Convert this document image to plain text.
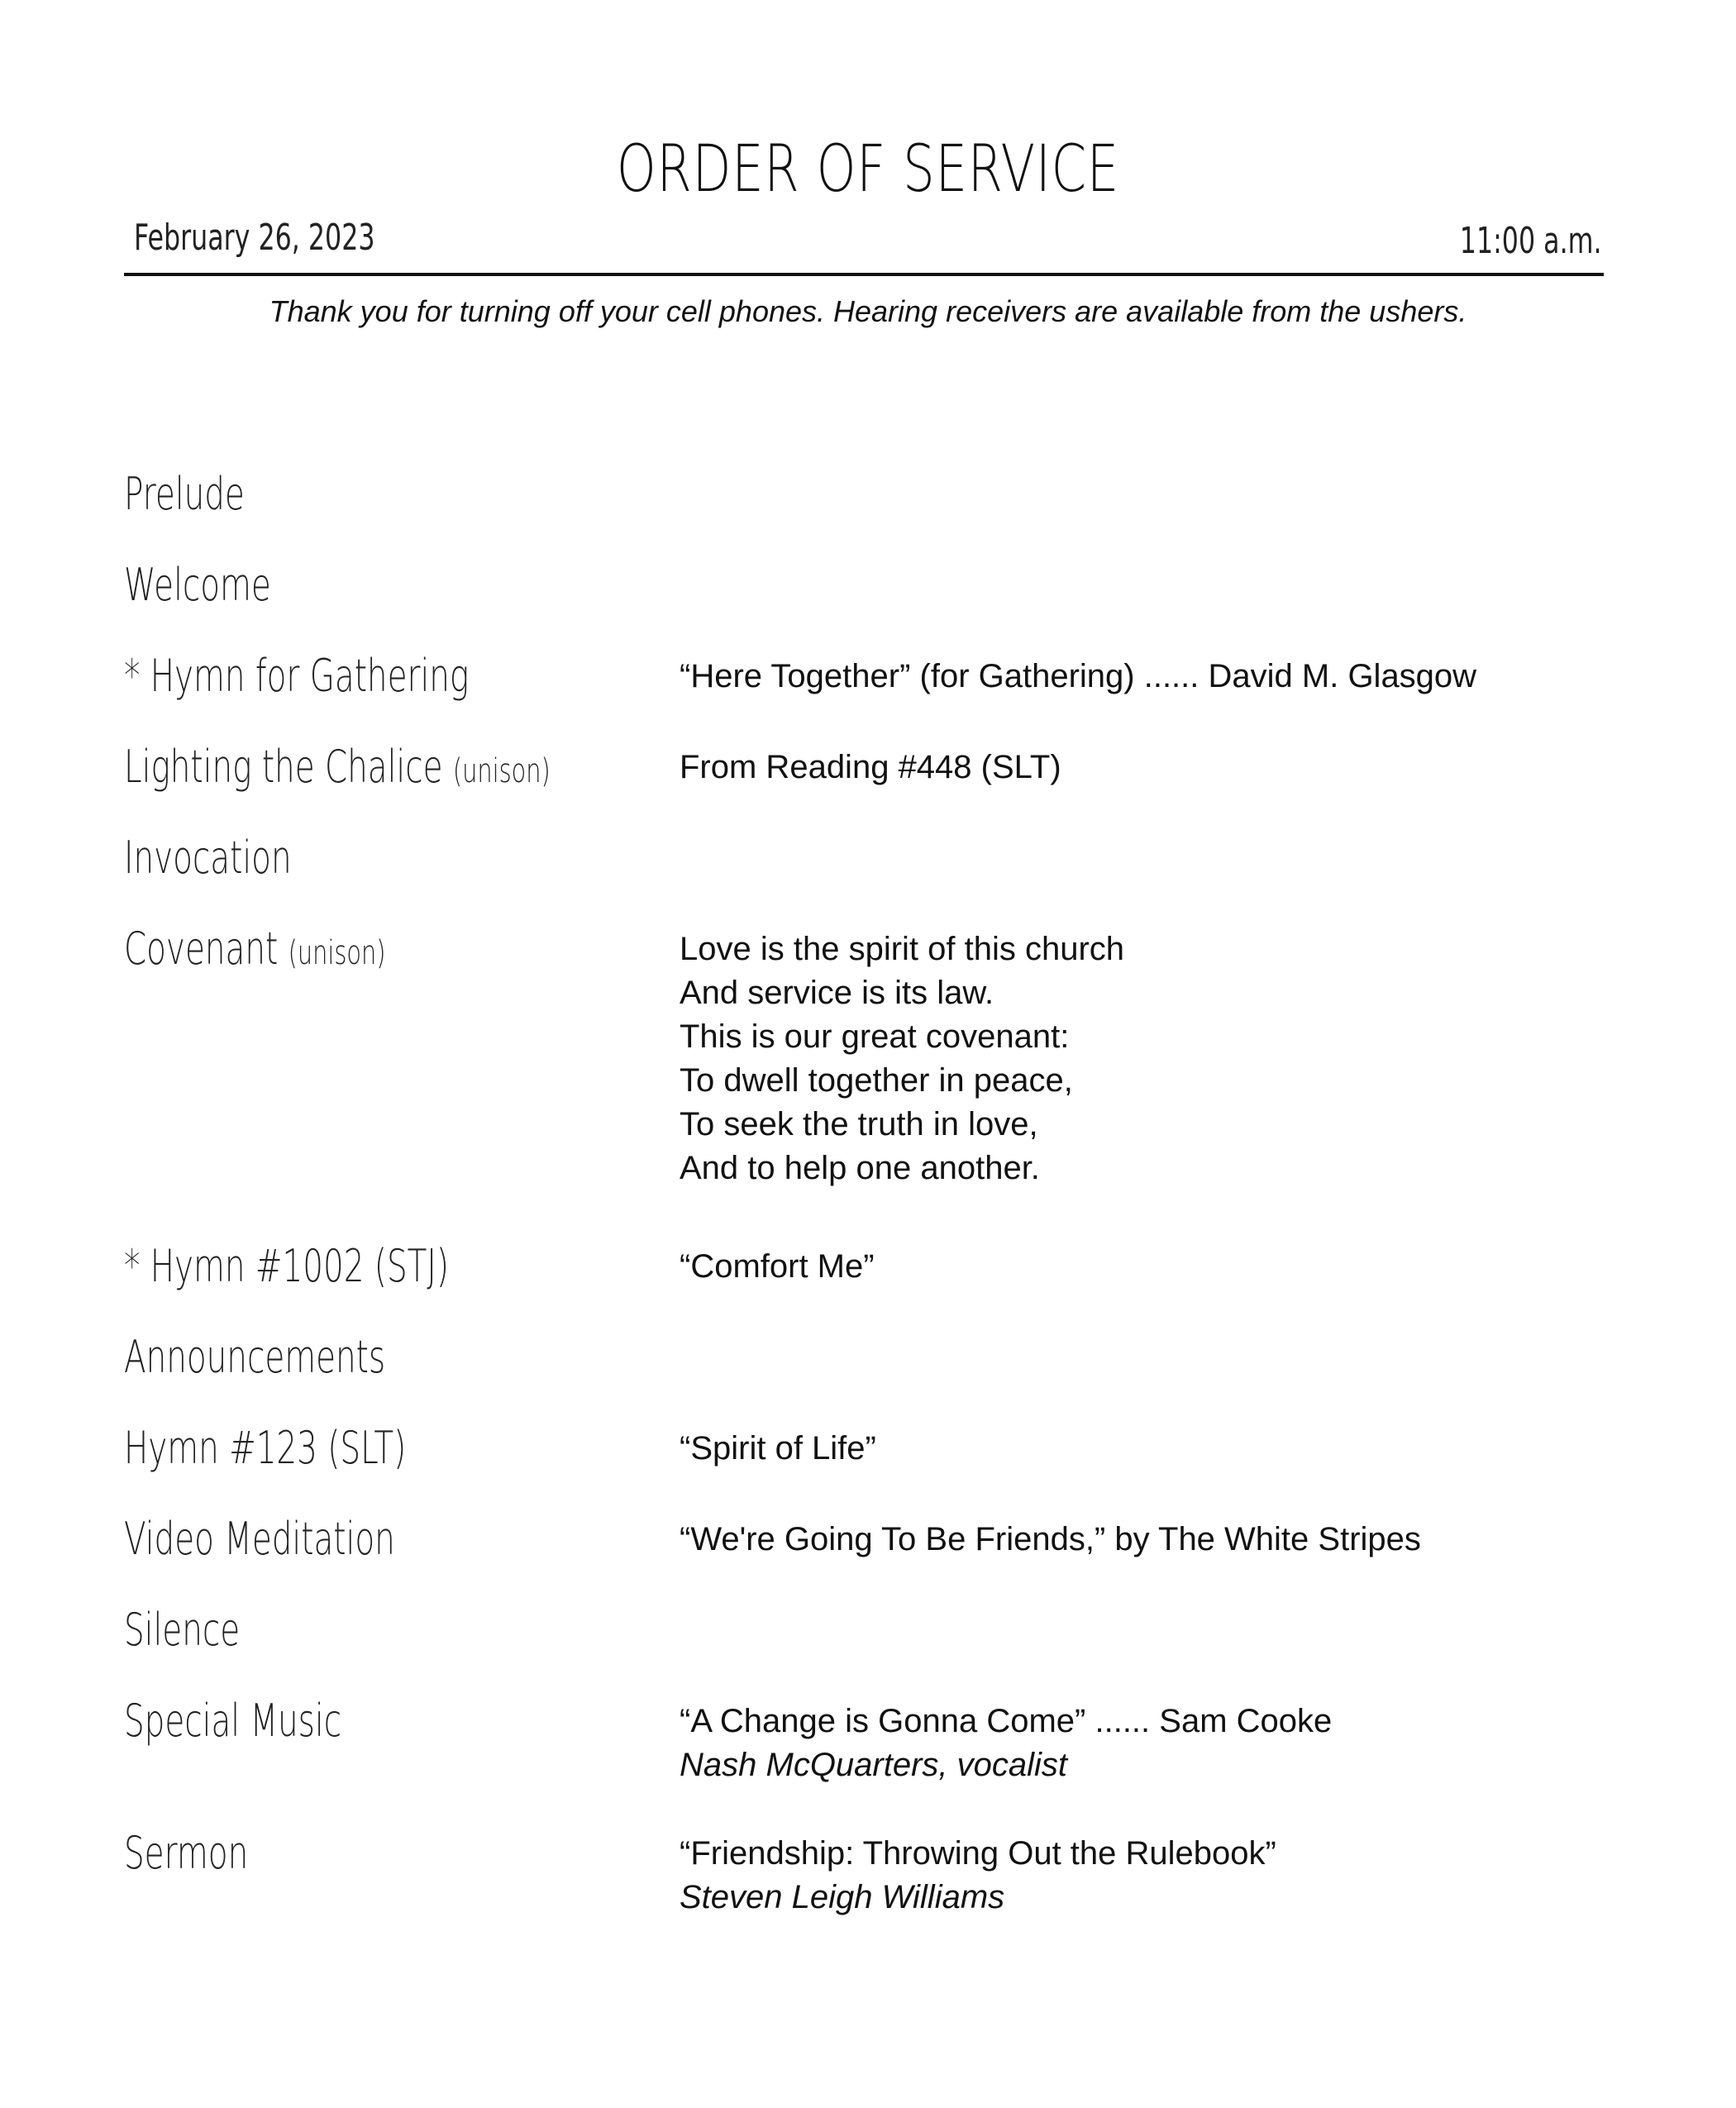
ORDER OF SERVICE
February 26, 2023	11:00 a.m.
Thank you for turning off your cell phones. Hearing receivers are available from the ushers.
Prelude
Welcome
* Hymn for Gathering	“Here Together” (for Gathering) ...... David M. Glasgow
Lighting the Chalice (unison)	From Reading #448 (SLT)
Invocation
Covenant (unison)	Love is the spirit of this church
And service is its law.
This is our great covenant:
To dwell together in peace,
To seek the truth in love,
And to help one another.
* Hymn #1002 (STJ)	“Comfort Me”
Announcements
Hymn #123 (SLT)	“Spirit of Life”
Video Meditation	“We're Going To Be Friends,” by The White Stripes
Silence
Special Music	“A Change is Gonna Come” ...... Sam Cooke
Nash McQuarters, vocalist
Sermon	“Friendship: Throwing Out the Rulebook”
Steven Leigh Williams
